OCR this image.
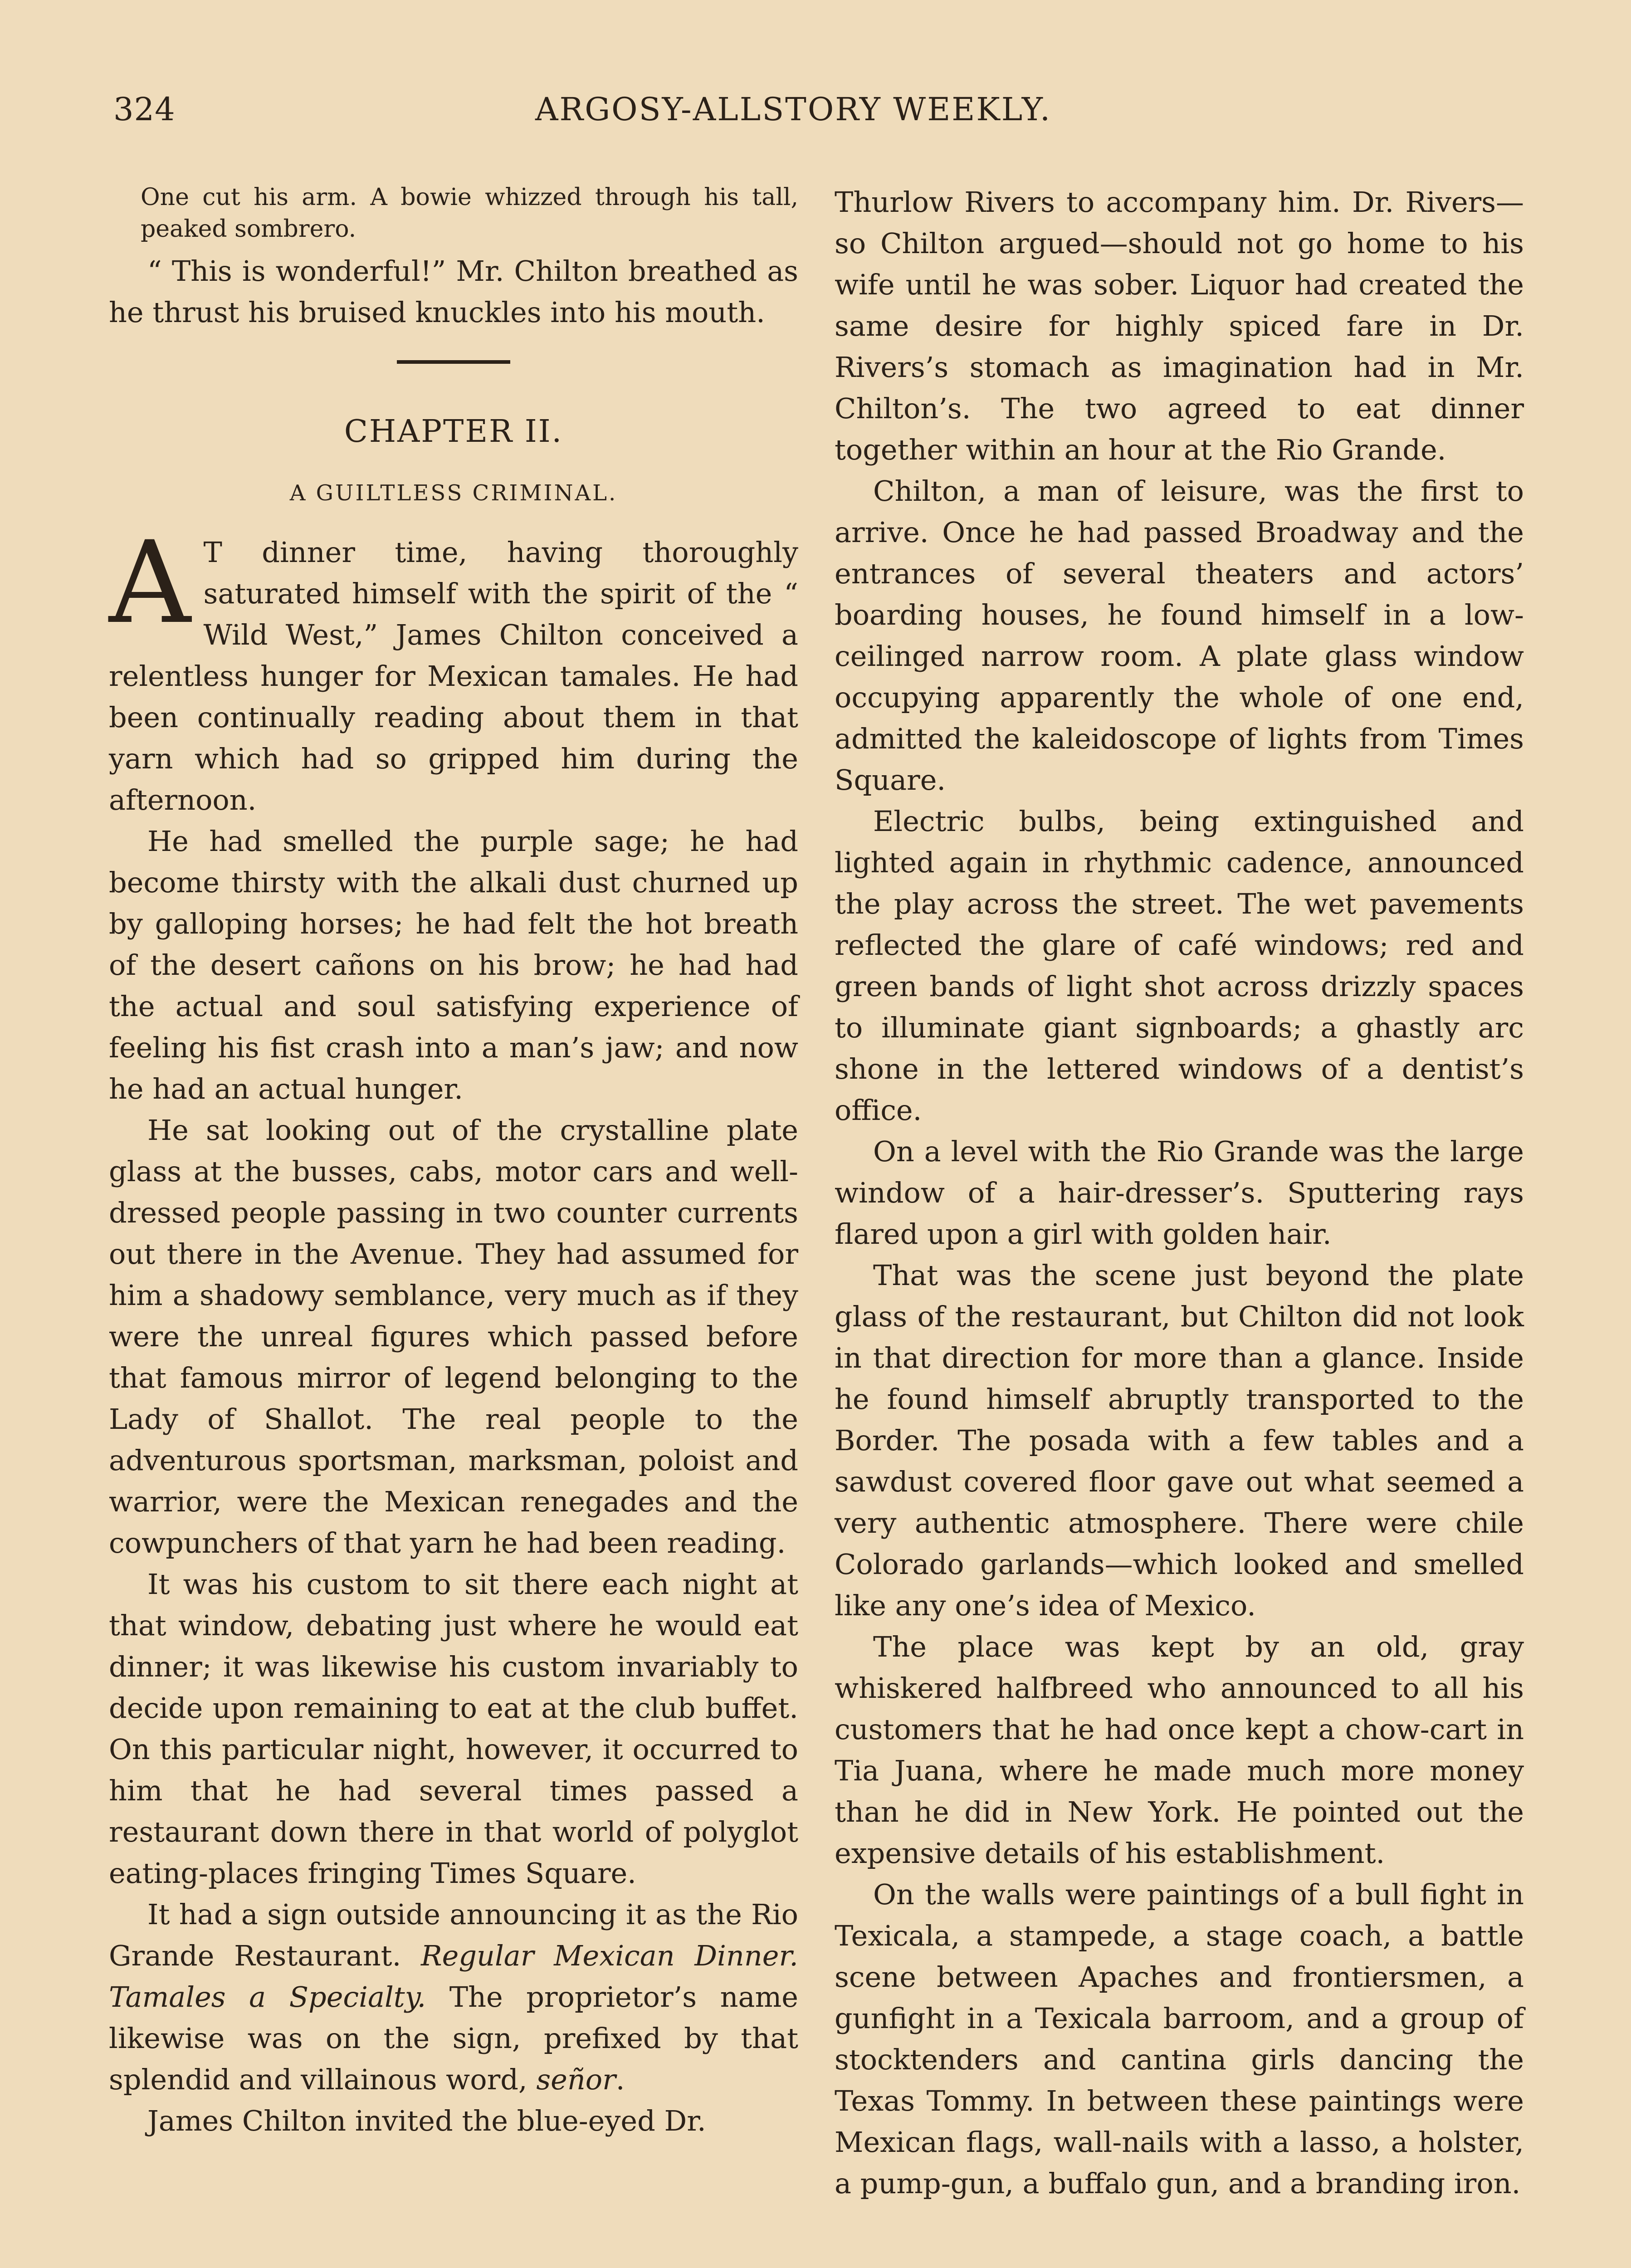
324	ARGOSY-ALLSTORY WEEKLY.

One cut his arm. A bowie whizzed through his tall, peaked sombrero.

“ This is wonderful!” Mr. Chilton breathed as he thrust his bruised knuckles into his mouth.

CHAPTER II.
A GUILTLESS CRIMINAL.

A T dinner time, having thoroughly saturated himself with the spirit of the “ Wild West,” James Chilton conceived a relentless hunger for Mexican tamales. He had been continually reading about them in that yarn which had so gripped him during the afternoon.

He had smelled the purple sage; he had become thirsty with the alkali dust churned up by galloping horses; he had felt the hot breath of the desert cañons on his brow; he had had the actual and soul satisfying experience of feeling his fist crash into a man’s jaw; and now he had an actual hunger.

He sat looking out of the crystalline plate glass at the busses, cabs, motor cars and well-dressed people passing in two counter currents out there in the Avenue. They had assumed for him a shadowy semblance, very much as if they were the unreal figures which passed before that famous mirror of legend belonging to the Lady of Shallot. The real people to the adventurous sportsman, marksman, poloist and warrior, were the Mexican renegades and the cowpunchers of that yarn he had been reading.

It was his custom to sit there each night at that window, debating just where he would eat dinner; it was likewise his custom invariably to decide upon remaining to eat at the club buffet. On this particular night, however, it occurred to him that he had several times passed a restaurant down there in that world of polyglot eating-places fringing Times Square.

It had a sign outside announcing it as the Rio Grande Restaurant. Regular Mexican Dinner. Tamales a Specialty. The proprietor’s name likewise was on the sign, prefixed by that splendid and villainous word, señor.

James Chilton invited the blue-eyed Dr.

Thurlow Rivers to accompany him. Dr. Rivers—so Chilton argued—should not go home to his wife until he was sober. Liquor had created the same desire for highly spiced fare in Dr. Rivers’s stomach as imagination had in Mr. Chilton’s. The two agreed to eat dinner together within an hour at the Rio Grande.

Chilton, a man of leisure, was the first to arrive. Once he had passed Broadway and the entrances of several theaters and actors’ boarding houses, he found himself in a low-ceilinged narrow room. A plate glass window occupying apparently the whole of one end, admitted the kaleidoscope of lights from Times Square.

Electric bulbs, being extinguished and lighted again in rhythmic cadence, announced the play across the street. The wet pavements reflected the glare of café windows; red and green bands of light shot across drizzly spaces to illuminate giant signboards; a ghastly arc shone in the lettered windows of a dentist’s office.

On a level with the Rio Grande was the large window of a hair-dresser’s. Sputtering rays flared upon a girl with golden hair.

That was the scene just beyond the plate glass of the restaurant, but Chilton did not look in that direction for more than a glance. Inside he found himself abruptly transported to the Border. The posada with a few tables and a sawdust covered floor gave out what seemed a very authentic atmosphere. There were chile Colorado garlands—which looked and smelled like any one’s idea of Mexico.

The place was kept by an old, gray whiskered halfbreed who announced to all his customers that he had once kept a chow-cart in Tia Juana, where he made much more money than he did in New York. He pointed out the expensive details of his establishment.

On the walls were paintings of a bull fight in Texicala, a stampede, a stage coach, a battle scene between Apaches and frontiersmen, a gunfight in a Texicala barroom, and a group of stocktenders and cantina girls dancing the Texas Tommy. In between these paintings were Mexican flags, wall-nails with a lasso, a holster, a pump-gun, a buffalo gun, and a branding iron.
